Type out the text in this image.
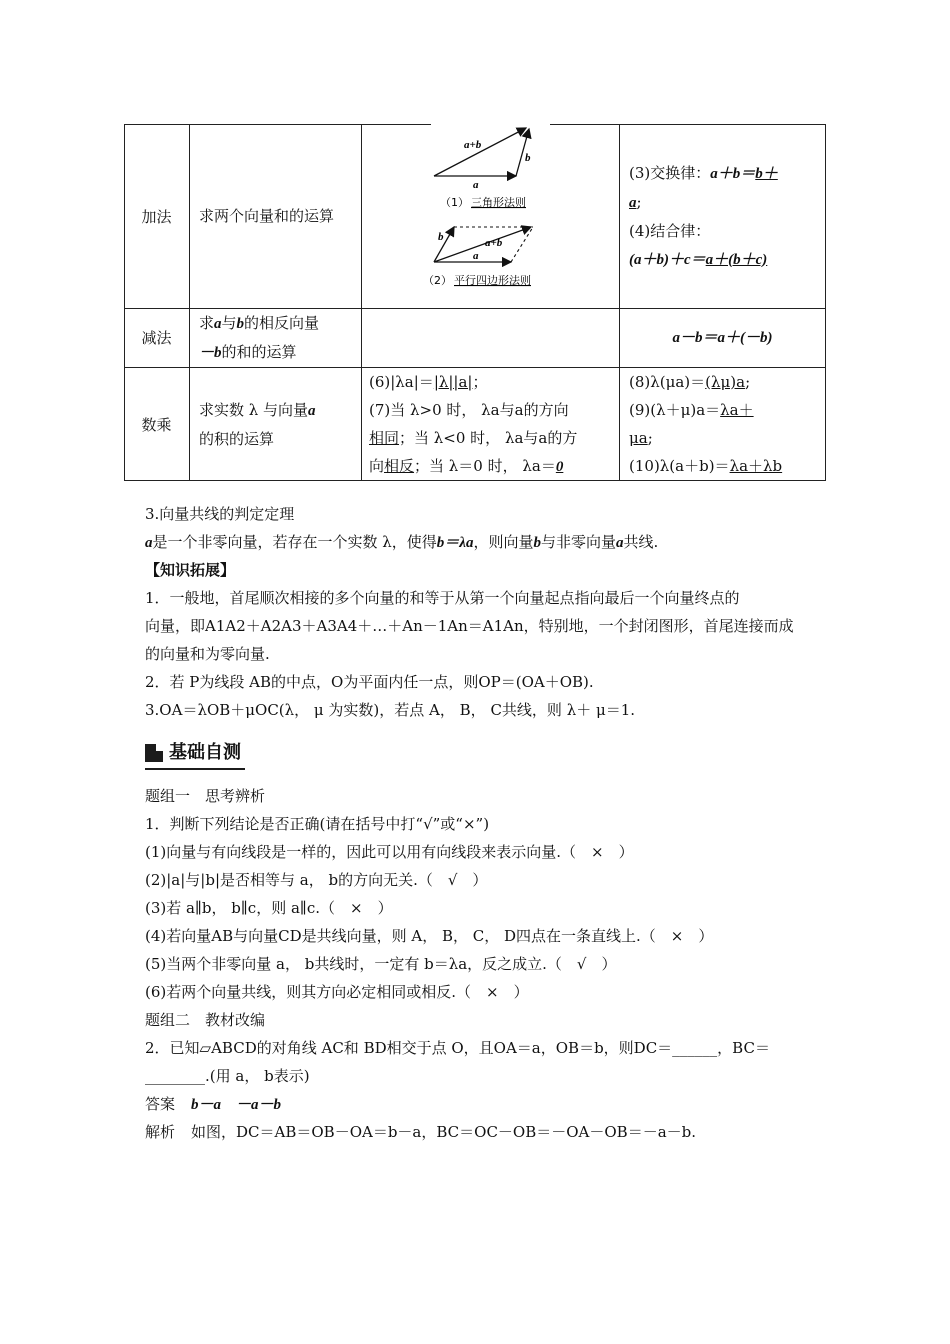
加法	求两个向量和的运算
a+b
b
a
（1） 三角形法则
b	a+b
a
（2） 平行四边形法则
(3)交换律：a＋b＝b＋
a;
(4)结合律：
(a＋b)＋c＝a＋(b＋c)
减法
求a与b的相反向量
－b的和的运算
a－b＝a＋(－b)
数乘
求实数 λ 与向量a
的积的运算
(6)|λa|＝|λ||a|；
(7)当 λ>0 时， λa与a的方向
相同；当 λ<0 时， λa与a的方
向相反；当 λ＝0 时， λa＝0
(8)λ(μa)＝(λμ)a;
(9)(λ＋μ)a＝λa＋
μa;
(10)λ(a＋b)＝λa＋λb
3.向量共线的判定定理
a是一个非零向量，若存在一个实数 λ，使得b＝λa，则向量b与非零向量a共线.
【知识拓展】
1．一般地，首尾顺次相接的多个向量的和等于从第一个向量起点指向最后一个向量终点的
向量，即A1A2＋A2A3＋A3A4＋…＋An－1An＝A1An，特别地，一个封闭图形，首尾连接而成
的向量和为零向量.
2．若 P为线段 AB的中点，O为平面内任一点，则OP＝(OA＋OB).
3.OA＝λOB＋μOC(λ， μ 为实数)，若点 A， B， C共线，则 λ＋ μ＝1.
基础自测
题组一　思考辨析
1．判断下列结论是否正确(请在括号中打“√”或“×”)
(1)向量与有向线段是一样的，因此可以用有向线段来表示向量.（　×　）
(2)|a|与|b|是否相等与 a， b的方向无关.（　√　）
(3)若 a∥b， b∥c，则 a∥c.（　×　）
(4)若向量AB与向量CD是共线向量，则 A， B， C， D四点在一条直线上.（　×　）
(5)当两个非零向量 a， b共线时，一定有 b＝λa，反之成立.（　√　）
(6)若两个向量共线，则其方向必定相同或相反.（　×　）
题组二　教材改编
2．已知▱ABCD的对角线 AC和 BD相交于点 O，且OA＝a，OB＝b，则DC＝______，BC＝
________.(用 a， b表示)
答案 b－a　－a－b
解析 如图，DC＝AB＝OB－OA＝b－a，BC＝OC－OB＝－OA－OB＝－a－b.
